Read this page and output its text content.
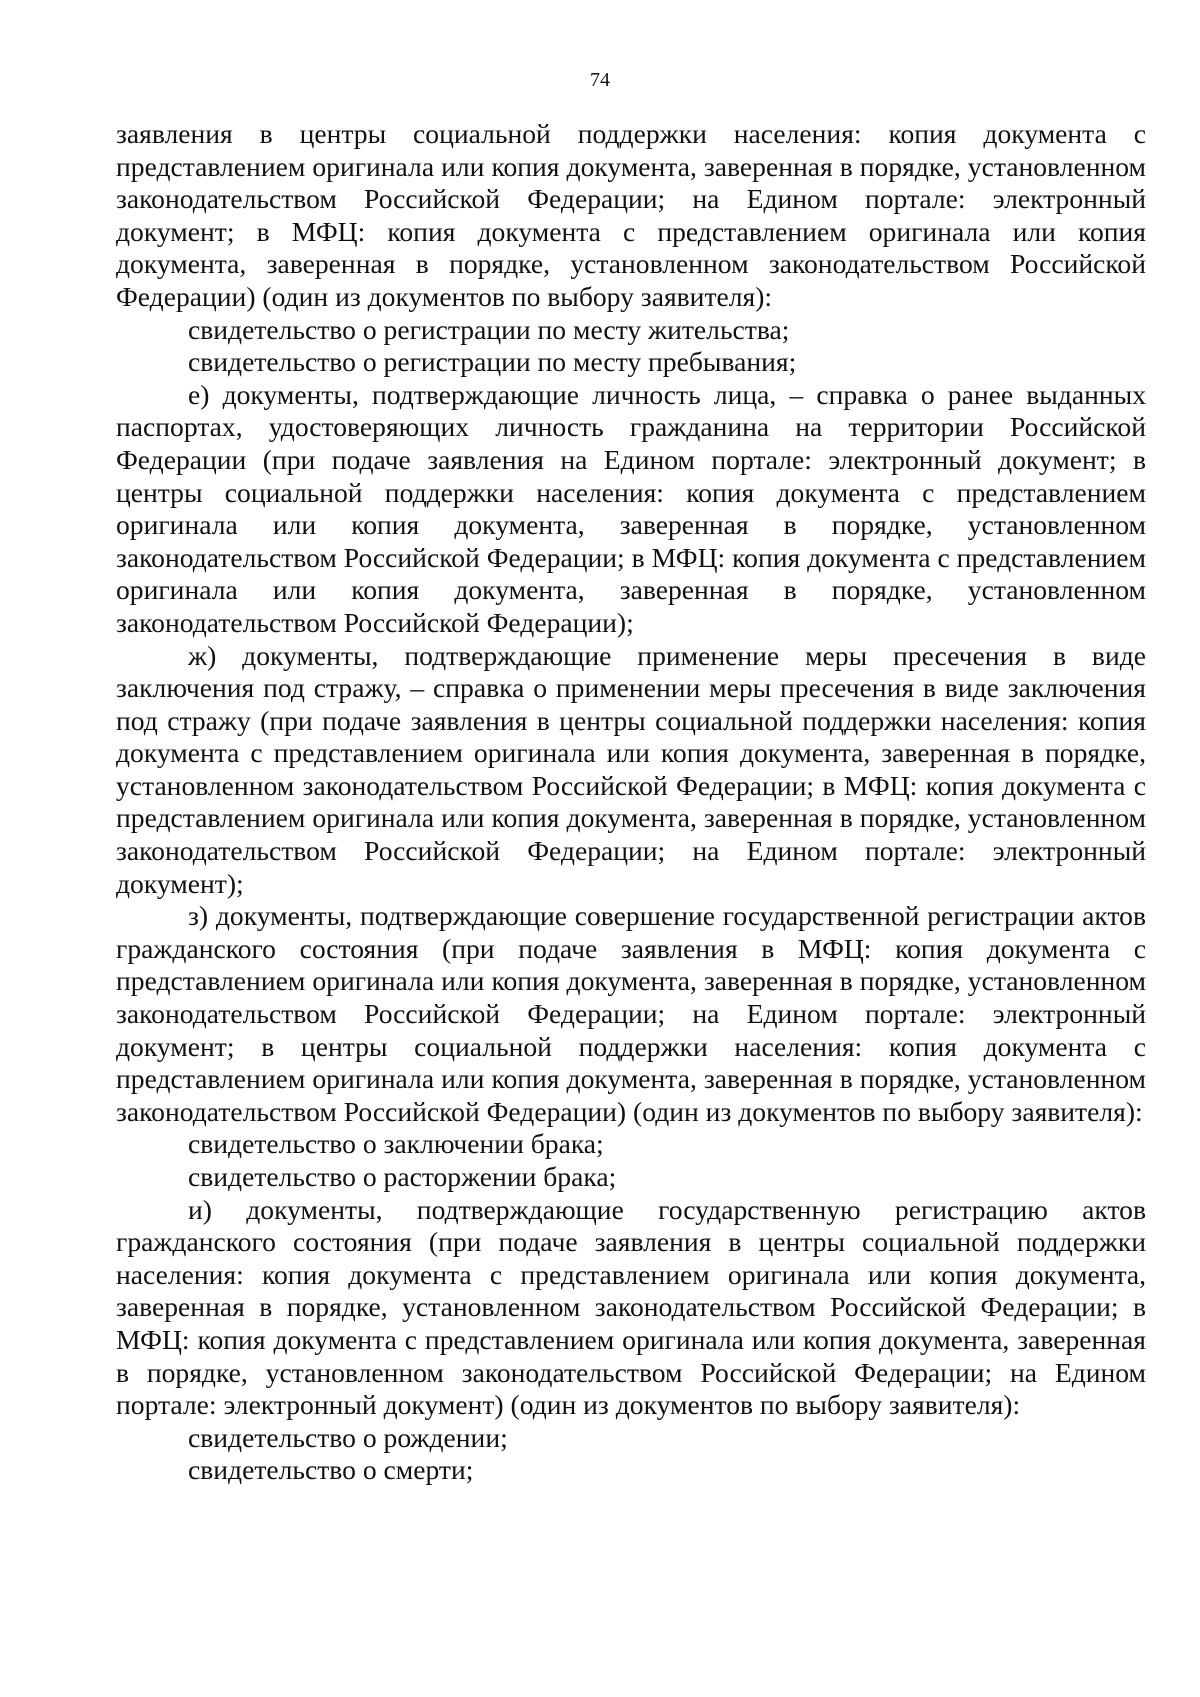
74

заявления в центры социальной поддержки населения: копия документа с представлением оригинала или копия документа, заверенная в порядке, установленном законодательством Российской Федерации; на Едином портале: электронный документ; в МФЦ: копия документа с представлением оригинала или копия документа, заверенная в порядке, установленном законодательством Российской Федерации) (один из документов по выбору заявителя):

свидетельство о регистрации по месту жительства;

свидетельство о регистрации по месту пребывания;

е) документы, подтверждающие личность лица, – справка о ранее выданных паспортах, удостоверяющих личность гражданина на территории Российской Федерации (при подаче заявления на Едином портале: электронный документ; в центры социальной поддержки населения: копия документа с представлением оригинала или копия документа, заверенная в порядке, установленном законодательством Российской Федерации; в МФЦ: копия документа с представлением оригинала или копия документа, заверенная в порядке, установленном законодательством Российской Федерации);

ж) документы, подтверждающие применение меры пресечения в виде заключения под стражу, – справка о применении меры пресечения в виде заключения под стражу (при подаче заявления в центры социальной поддержки населения: копия документа с представлением оригинала или копия документа, заверенная в порядке, установленном законодательством Российской Федерации; в МФЦ: копия документа с представлением оригинала или копия документа, заверенная в порядке, установленном законодательством Российской Федерации; на Едином портале: электронный документ);

з) документы, подтверждающие совершение государственной регистрации актов гражданского состояния (при подаче заявления в МФЦ: копия документа с представлением оригинала или копия документа, заверенная в порядке, установленном законодательством Российской Федерации; на Едином портале: электронный документ; в центры социальной поддержки населения: копия документа с представлением оригинала или копия документа, заверенная в порядке, установленном законодательством Российской Федерации) (один из документов по выбору заявителя):

свидетельство о заключении брака;

свидетельство о расторжении брака;

и) документы, подтверждающие государственную регистрацию актов гражданского состояния (при подаче заявления в центры социальной поддержки населения: копия документа с представлением оригинала или копия документа, заверенная в порядке, установленном законодательством Российской Федерации; в МФЦ: копия документа с представлением оригинала или копия документа, заверенная в порядке, установленном законодательством Российской Федерации; на Едином портале: электронный документ) (один из документов по выбору заявителя):

свидетельство о рождении;

свидетельство о смерти;
